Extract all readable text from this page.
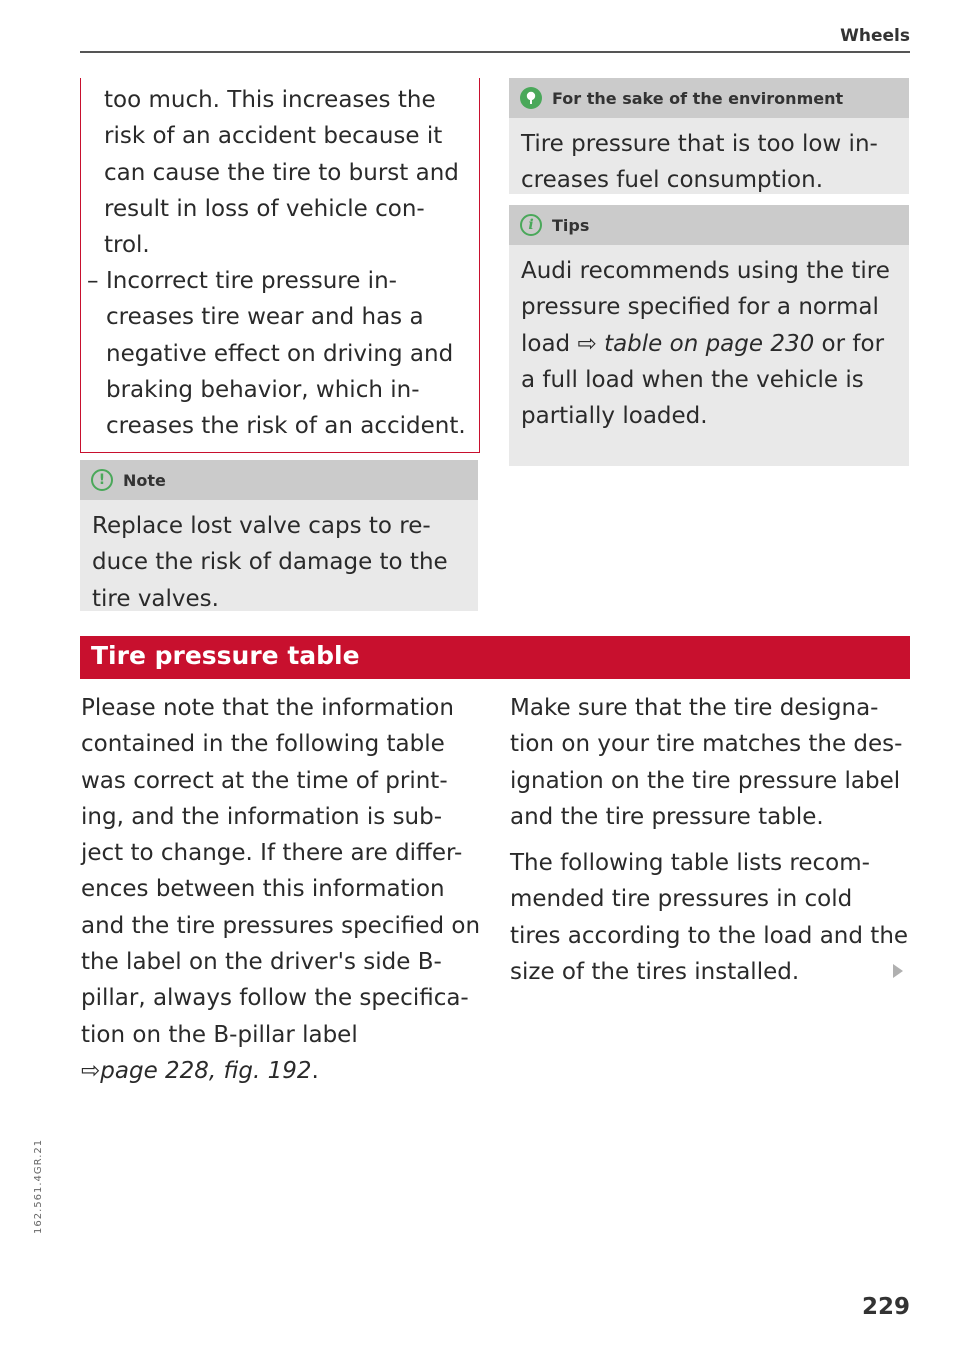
Wheels
too much. This increases the risk of an accident because it can cause the tire to burst and result in loss of vehicle con- trol.
– Incorrect tire pressure in- creases tire wear and has a negative effect on driving and braking behavior, which in- creases the risk of an accident.
!	Note
Replace lost valve caps to re- duce the risk of damage to the tire valves.
For the sake of the environment
Tire pressure that is too low in- creases fuel consumption.
i	Tips
Audi recommends using the tire pressure specified for a normal load ⇨ table on page 230 or for a full load when the vehicle is partially loaded.
Tire pressure table
Please note that the information contained in the following table was correct at the time of print- ing, and the information is sub- ject to change. If there are differ- ences between this information and the tire pressures specified on the label on the driver's side B- pillar, always follow the specifica- tion on the B-pillar label
⇨page 228, fig. 192.
Make sure that the tire designa- tion on your tire matches the des- ignation on the tire pressure label and the tire pressure table.
The following table lists recom- mended tire pressures in cold tires according to the load and the size of the tires installed.
162.561.4GR.21
229
